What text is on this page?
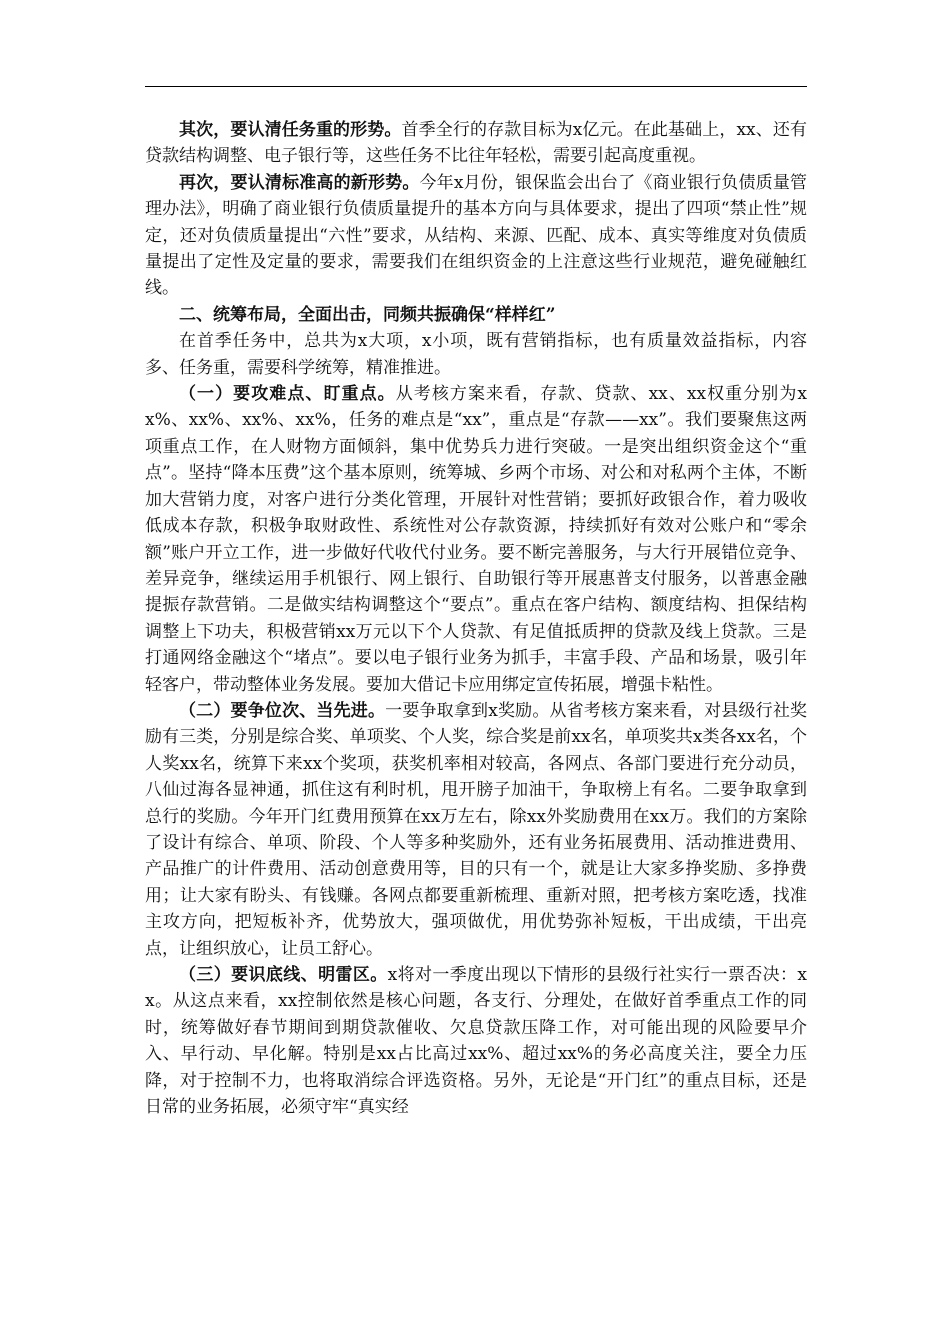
其次，要认清任务重的形势。首季全行的存款目标为x亿元。在此基础上，xx、还有贷款结构调整、电子银行等，这些任务不比往年轻松，需要引起高度重视。

再次，要认清标准高的新形势。今年x月份，银保监会出台了《商业银行负债质量管理办法》，明确了商业银行负债质量提升的基本方向与具体要求，提出了四项“禁止性”规定，还对负债质量提出“六性”要求，从结构、来源、匹配、成本、真实等维度对负债质量提出了定性及定量的要求，需要我们在组织资金的上注意这些行业规范，避免碰触红线。

二、统筹布局，全面出击，同频共振确保“样样红”

在首季任务中，总共为x大项，x小项，既有营销指标，也有质量效益指标，内容多、任务重，需要科学统筹，精准推进。

（一）要攻难点、盯重点。从考核方案来看，存款、贷款、xx、xx权重分别为xx%、xx%、xx%、xx%，任务的难点是“xx”，重点是“存款——xx”。我们要聚焦这两项重点工作，在人财物方面倾斜，集中优势兵力进行突破。一是突出组织资金这个“重点”。坚持“降本压费”这个基本原则，统筹城、乡两个市场、对公和对私两个主体，不断加大营销力度，对客户进行分类化管理，开展针对性营销；要抓好政银合作，着力吸收低成本存款，积极争取财政性、系统性对公存款资源，持续抓好有效对公账户和“零余额”账户开立工作，进一步做好代收代付业务。要不断完善服务，与大行开展错位竞争、差异竞争，继续运用手机银行、网上银行、自助银行等开展惠普支付服务，以普惠金融提振存款营销。二是做实结构调整这个“要点”。重点在客户结构、额度结构、担保结构调整上下功夫，积极营销xx万元以下个人贷款、有足值抵质押的贷款及线上贷款。三是打通网络金融这个“堵点”。要以电子银行业务为抓手，丰富手段、产品和场景，吸引年轻客户，带动整体业务发展。要加大借记卡应用绑定宣传拓展，增强卡粘性。

（二）要争位次、当先进。一要争取拿到x奖励。从省考核方案来看，对县级行社奖励有三类，分别是综合奖、单项奖、个人奖，综合奖是前xx名，单项奖共x类各xx名，个人奖xx名，统算下来xx个奖项，获奖机率相对较高，各网点、各部门要进行充分动员，八仙过海各显神通，抓住这有利时机，甩开膀子加油干，争取榜上有名。二要争取拿到总行的奖励。今年开门红费用预算在xx万左右，除xx外奖励费用在xx万。我们的方案除了设计有综合、单项、阶段、个人等多种奖励外，还有业务拓展费用、活动推进费用、产品推广的计件费用、活动创意费用等，目的只有一个，就是让大家多挣奖励、多挣费用；让大家有盼头、有钱赚。各网点都要重新梳理、重新对照，把考核方案吃透，找准主攻方向，把短板补齐，优势放大，强项做优，用优势弥补短板，干出成绩，干出亮点，让组织放心，让员工舒心。

（三）要识底线、明雷区。x将对一季度出现以下情形的县级行社实行一票否决：xx。从这点来看，xx控制依然是核心问题，各支行、分理处，在做好首季重点工作的同时，统筹做好春节期间到期贷款催收、欠息贷款压降工作，对可能出现的风险要早介入、早行动、早化解。特别是xx占比高过xx%、超过xx%的务必高度关注，要全力压降，对于控制不力，也将取消综合评选资格。另外，无论是“开门红”的重点目标，还是日常的业务拓展，必须守牢“真实经
